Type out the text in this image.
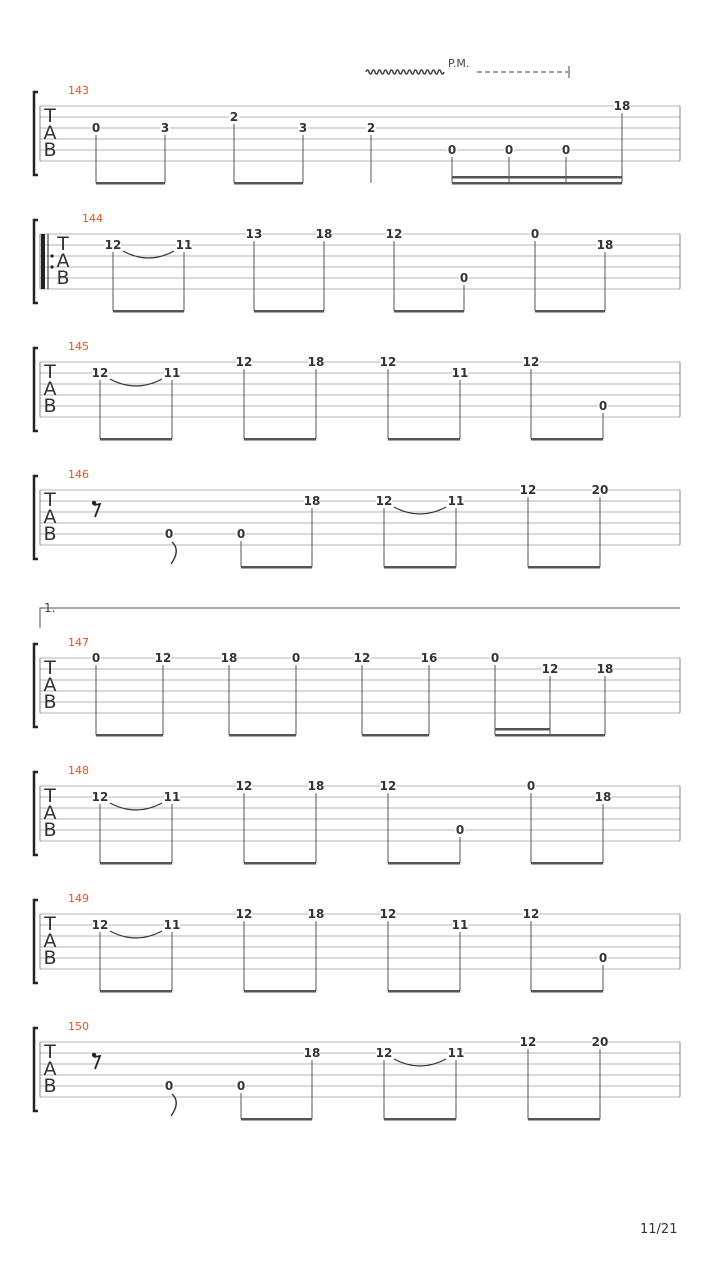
T
A
B
143
0	3
2
3	2
0	0	0
18
T
A
B
144
12	11
13	18	12
0
0
18
T
A
B
145
12	11
12	18	12
11
12
0
T
A
B
146
0	0
18	12	11
12	20
T
A
B
147
0	12	18	0	12	16	0
12	18
T
A
B
148
12	11
12	18	12
0
0
18
T
A
B
149
12	11
12	18	12
11
12
0
T
A
B
150
0	0
18	12	11
12	20
P.M.
1.
11/21
